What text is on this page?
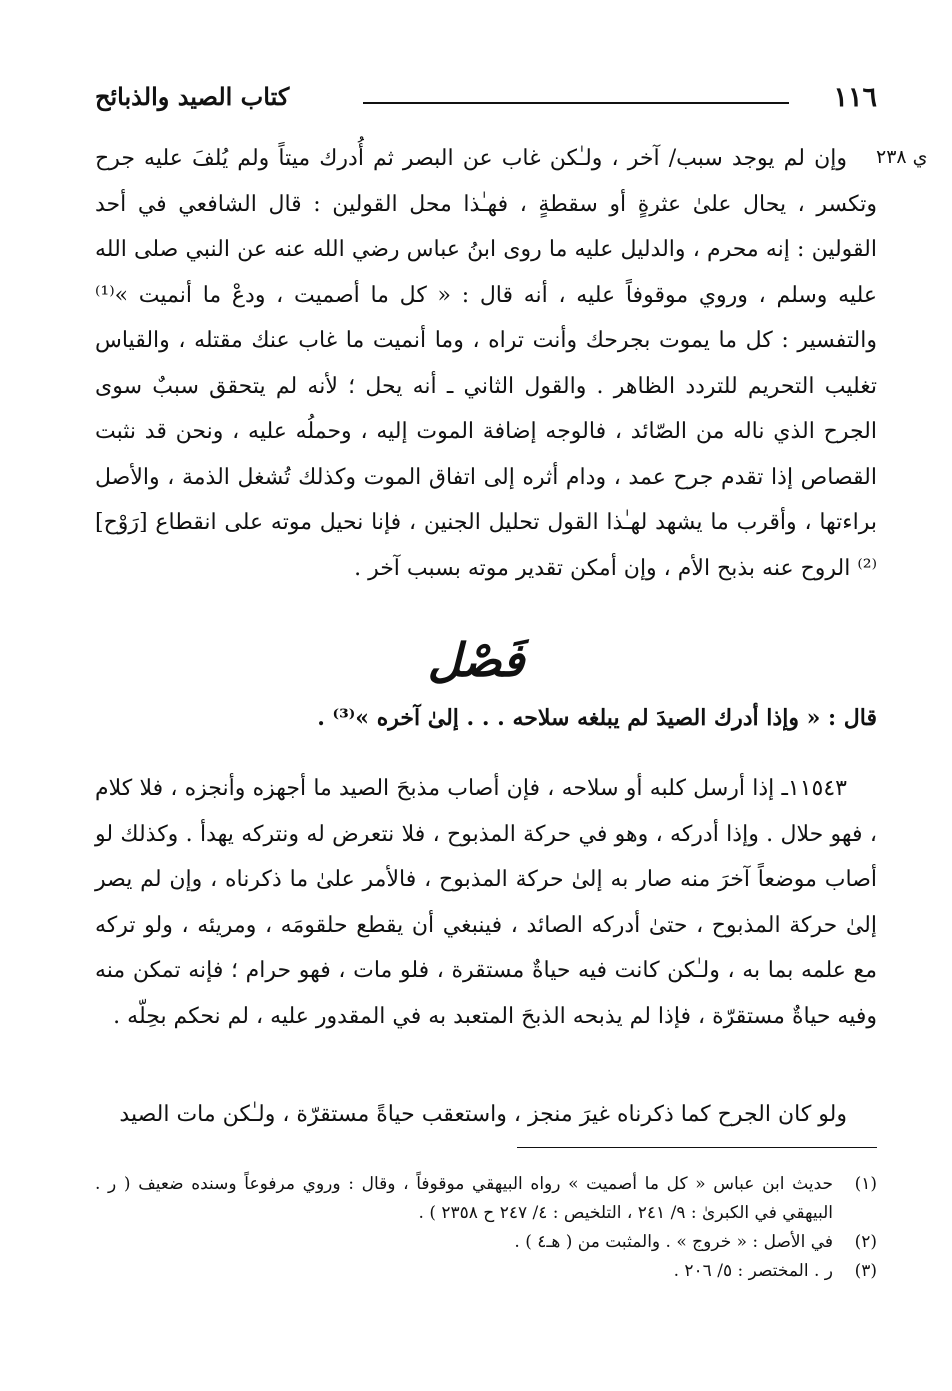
١١٦
كتاب الصيد والذبائح
ي ٢٣٨

وإن لم يوجد سبب/ آخر ، ولـٰكن غاب عن البصر ثم أُدرك ميتاً ولم يُلفَ عليه جرح وتكسر ، يحال علىٰ عثرةٍ أو سقطةٍ ، فهـٰذا محل القولين : قال الشافعي في أحد القولين : إنه محرم ، والدليل عليه ما روى ابنُ عباس رضي الله عنه عن النبي صلى الله عليه وسلم ، وروي موقوفاً عليه ، أنه قال : « كل ما أصميت ، ودعْ ما أنميت »⁽¹⁾ والتفسير : كل ما يموت بجرحك وأنت تراه ، وما أنميت ما غاب عنك مقتله ، والقياس تغليب التحريم للتردد الظاهر . والقول الثاني ـ أنه يحل ؛ لأنه لم يتحقق سببٌ سوى الجرح الذي ناله من الصّائد ، فالوجه إضافة الموت إليه ، وحملُه عليه ، ونحن قد نثبت القصاص إذا تقدم جرح عمد ، ودام أثره إلى اتفاق الموت وكذلك تُشغل الذمة ، والأصل براءتها ، وأقرب ما يشهد لهـٰذا القول تحليل الجنين ، فإنا نحيل موته على انقطاع [رَوْح]⁽²⁾ الروح عنه بذبح الأم ، وإن أمكن تقدير موته بسبب آخر .

فَصْل
قال : « وإذا أدرك الصيدَ لم يبلغه سلاحه . . . إلىٰ آخره »⁽³⁾ .

١١٥٤٣ـ إذا أرسل كلبه أو سلاحه ، فإن أصاب مذبحَ الصيد ما أجهزه وأنجزه ، فلا كلام ، فهو حلال . وإذا أدركه ، وهو في حركة المذبوح ، فلا نتعرض له ونتركه يهدأ . وكذلك لو أصاب موضعاً آخرَ منه صار به إلىٰ حركة المذبوح ، فالأمر علىٰ ما ذكرناه ، وإن لم يصر إلىٰ حركة المذبوح ، حتىٰ أدركه الصائد ، فينبغي أن يقطع حلقومَه ، ومريئه ، ولو تركه مع علمه بما به ، ولـٰكن كانت فيه حياةٌ مستقرة ، فلو مات ، فهو حرام ؛ فإنه تمكن منه وفيه حياةٌ مستقرّة ، فإذا لم يذبحه الذبحَ المتعبد به في المقدور عليه ، لم نحكم بحِلّه .

ولو كان الجرح كما ذكرناه غيرَ منجز ، واستعقب حياةً مستقرّة ، ولـٰكن مات الصيد

(١)
حديث ابن عباس « كل ما أصميت » رواه البيهقي موقوفاً ، وقال : وروي مرفوعاً وسنده ضعيف ( ر . البيهقي في الكبرىٰ : ٩/ ٢٤١ ، التلخيص : ٤/ ٢٤٧ ح ٢٣٥٨ ) .
(٢)
في الأصل : « خروج » . والمثبت من ( هـ٤ ) .
(٣)
ر . المختصر : ٥/ ٢٠٦ .
